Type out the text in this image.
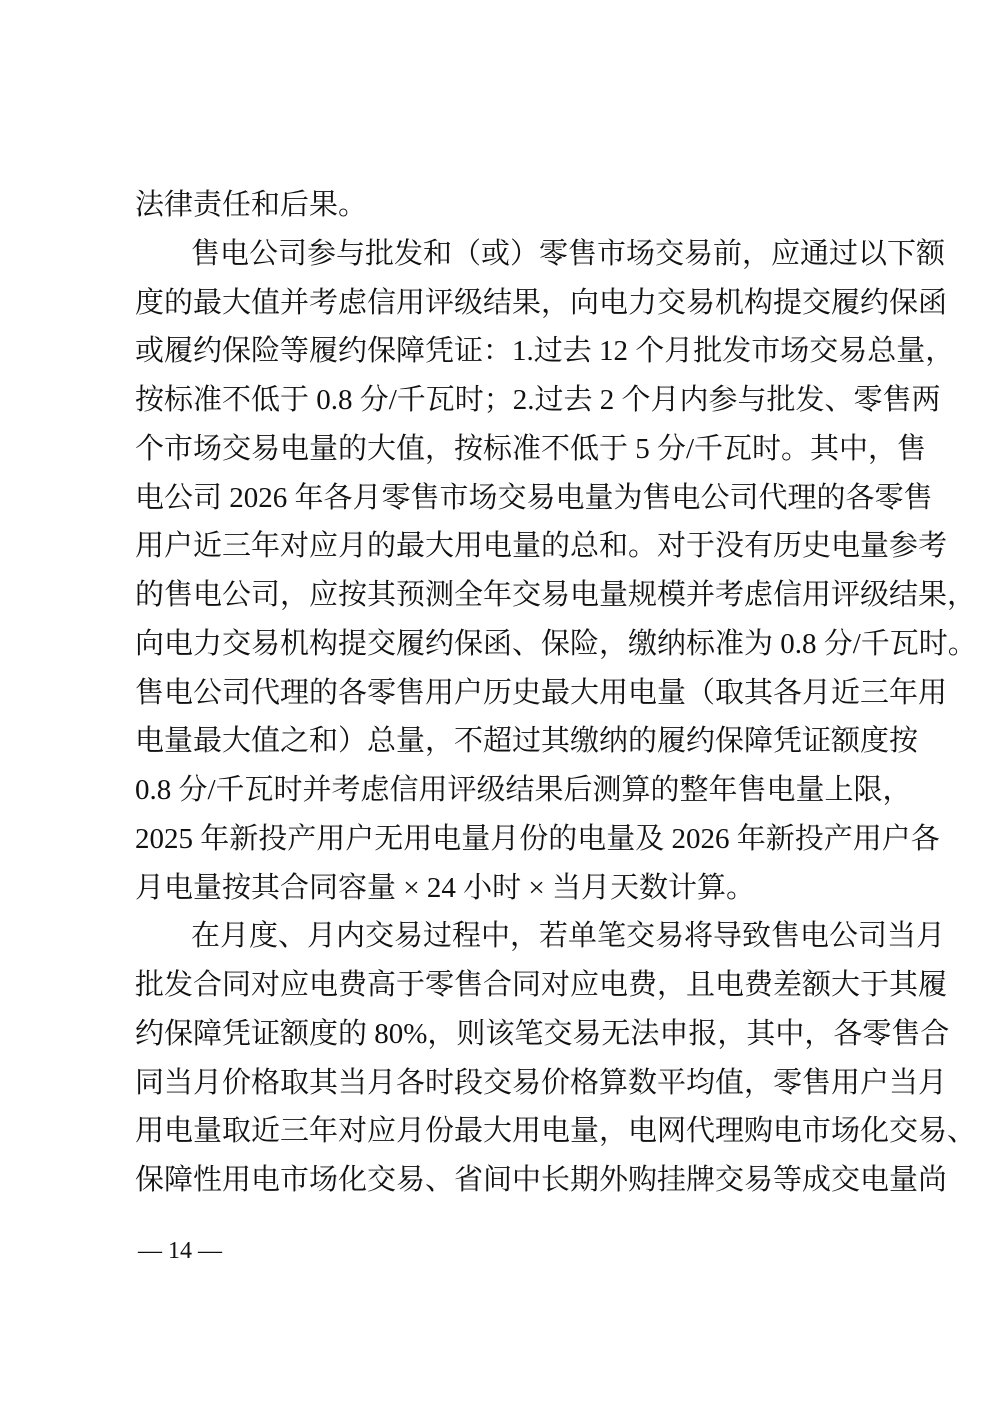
法律责任和后果。
售电公司参与批发和（或）零售市场交易前，应通过以下额
度的最大值并考虑信用评级结果，向电力交易机构提交履约保函
或履约保险等履约保障凭证：1.过去 12 个月批发市场交易总量，
按标准不低于 0.8 分/千瓦时；2.过去 2 个月内参与批发、零售两
个市场交易电量的大值，按标准不低于 5 分/千瓦时。其中，售
电公司 2026 年各月零售市场交易电量为售电公司代理的各零售
用户近三年对应月的最大用电量的总和。对于没有历史电量参考
的售电公司，应按其预测全年交易电量规模并考虑信用评级结果，
向电力交易机构提交履约保函、保险，缴纳标准为 0.8 分/千瓦时。
售电公司代理的各零售用户历史最大用电量（取其各月近三年用
电量最大值之和）总量，不超过其缴纳的履约保障凭证额度按
0.8 分/千瓦时并考虑信用评级结果后测算的整年售电量上限，
2025 年新投产用户无用电量月份的电量及 2026 年新投产用户各
月电量按其合同容量 × 24 小时 × 当月天数计算。
在月度、月内交易过程中，若单笔交易将导致售电公司当月
批发合同对应电费高于零售合同对应电费，且电费差额大于其履
约保障凭证额度的 80%，则该笔交易无法申报，其中，各零售合
同当月价格取其当月各时段交易价格算数平均值，零售用户当月
用电量取近三年对应月份最大用电量，电网代理购电市场化交易、
保障性用电市场化交易、省间中长期外购挂牌交易等成交电量尚
— 14 —
